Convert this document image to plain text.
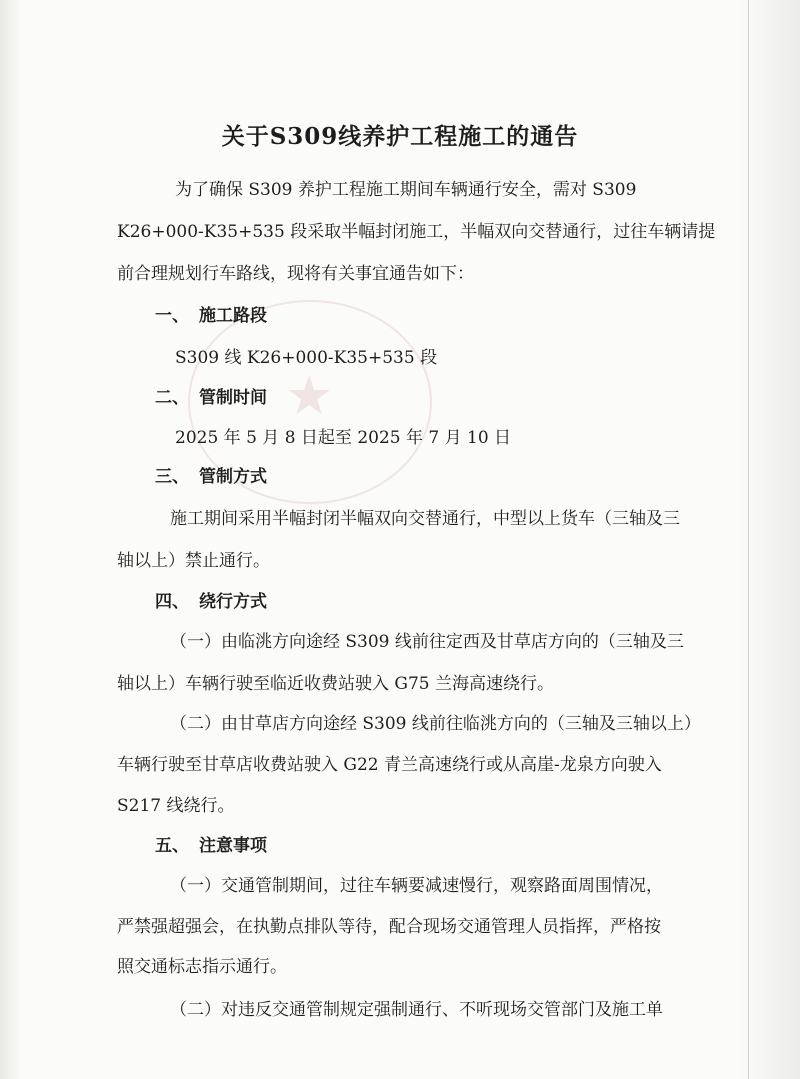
★
关于S309线养护工程施工的通告

为了确保 S309 养护工程施工期间车辆通行安全，需对 S309

K26+000-K35+535 段采取半幅封闭施工，半幅双向交替通行，过往车辆请提

前合理规划行车路线，现将有关事宜通告如下：

一、 施工路段

S309 线 K26+000-K35+535 段

二、 管制时间

2025 年 5 月 8 日起至 2025 年 7 月 10 日

三、 管制方式

施工期间采用半幅封闭半幅双向交替通行，中型以上货车（三轴及三

轴以上）禁止通行。

四、 绕行方式

（一）由临洮方向途经 S309 线前往定西及甘草店方向的（三轴及三

轴以上）车辆行驶至临近收费站驶入 G75 兰海高速绕行。

（二）由甘草店方向途经 S309 线前往临洮方向的（三轴及三轴以上）

车辆行驶至甘草店收费站驶入 G22 青兰高速绕行或从高崖-龙泉方向驶入

S217 线绕行。

五、 注意事项

（一）交通管制期间，过往车辆要减速慢行，观察路面周围情况，

严禁强超强会，在执勤点排队等待，配合现场交通管理人员指挥，严格按

照交通标志指示通行。

（二）对违反交通管制规定强制通行、不听现场交管部门及施工单
